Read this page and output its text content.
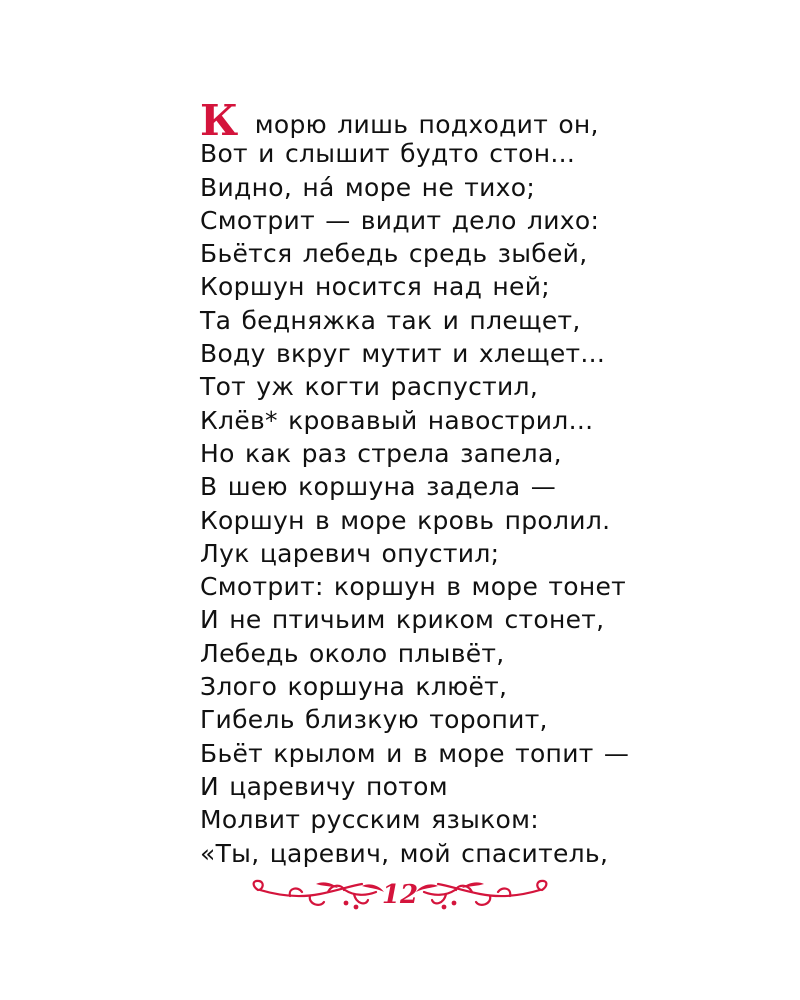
К морю лишь подходит он,
Вот и слышит будто стон...
Видно, нá море не тихо;
Смотрит — видит дело лихо:
Бьётся лебедь средь зыбей,
Коршун носится над ней;
Та бедняжка так и плещет,
Воду вкруг мутит и хлещет...
Тот уж когти распустил,
Клёв* кровавый навострил...
Но как раз стрела запела,
В шею коршуна задела —
Коршун в море кровь пролил.
Лук царевич опустил;
Смотрит: коршун в море тонет
И не птичьим криком стонет,
Лебедь около плывёт,
Злого коршуна клюёт,
Гибель близкую торопит,
Бьёт крылом и в море топит —
И царевичу потом
Молвит русским языком:
«Ты, царевич, мой спаситель,
12
